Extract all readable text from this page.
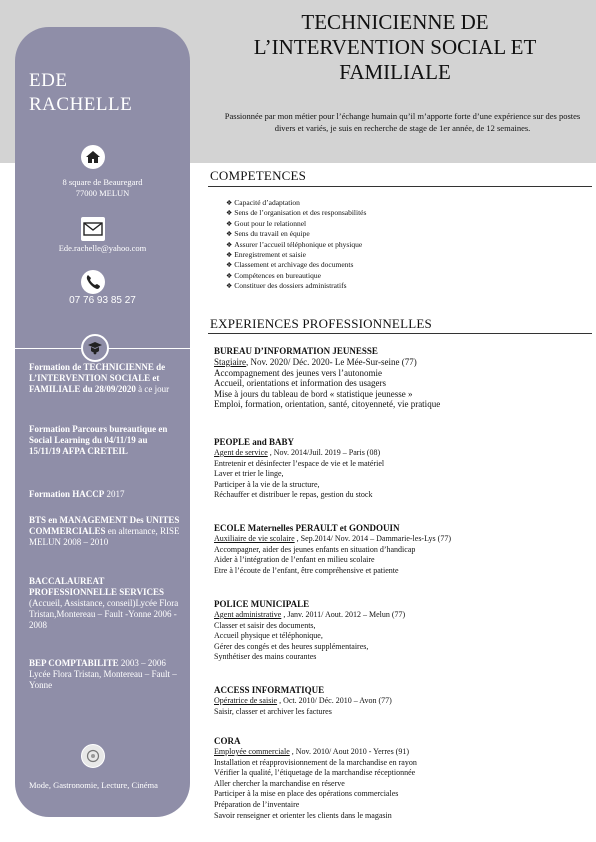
EDE
RACHELLE
8 square de Beauregard
77000 MELUN
Ede.rachelle@yahoo.com
07 76 93 85 27
Formation de TECHNICIENNE de L’INTERVENTION SOCIALE et FAMILIALE du 28/09/2020 à ce jour
Formation Parcours bureautique en Social Learning du 04/11/19 au 15/11/19 AFPA CRETEIL
Formation HACCP 2017
BTS en MANAGEMENT Des UNITES COMMERCIALES en alternance, RISE MELUN 2008 – 2010
BACCALAUREAT PROFESSIONNELLE SERVICES (Accueil, Assistance, conseil)Lycée Flora Tristan,Montereau – Fault -Yonne 2006 - 2008
BEP COMPTABILITE 2003 – 2006 Lycée Flora Tristan, Montereau – Fault – Yonne
Mode, Gastronomie, Lecture, Cinéma
TECHNICIENNE DE
L’INTERVENTION SOCIAL ET
FAMILIALE
Passionnée par mon métier pour l’échange humain qu’il m’apporte forte d’une expérience sur des postes divers et variés, je suis en recherche de stage de 1er année, de 12 semaines.
COMPETENCES
❖ Capacité d’adaptation
❖ Sens de l’organisation et des responsabilités
❖ Gout pour le relationnel
❖ Sens du travail en équipe
❖ Assurer l’accueil téléphonique et physique
❖ Enregistrement et saisie
❖ Classement et archivage des documents
❖ Compétences en bureautique
❖ Constituer des dossiers administratifs
EXPERIENCES PROFESSIONNELLES
BUREAU D’INFORMATION JEUNESSE
Stagiaire, Nov. 2020/ Déc. 2020- Le Mée-Sur-seine (77)
Accompagnement des jeunes vers l’autonomie
Accueil, orientations et information des usagers
Mise à jours du tableau de bord « statistique jeunesse »
Emploi, formation, orientation, santé, citoyenneté, vie pratique
PEOPLE and BABY
Agent de service , Nov. 2014/Juil. 2019 – Paris (08)
Entretenir et désinfecter l’espace de vie et le matériel
Laver et trier le linge,
Participer à la vie de la structure,
Réchauffer et distribuer le repas, gestion du stock
ECOLE Maternelles PERAULT et GONDOUIN
Auxiliaire de vie scolaire , Sep.2014/ Nov. 2014 – Dammarie-les-Lys (77)
Accompagner, aider des jeunes enfants en situation d’handicap
Aider à l’intégration de l’enfant en milieu scolaire
Etre à l’écoute de l’enfant, être compréhensive et patiente
POLICE MUNICIPALE
Agent administrative , Janv. 2011/ Aout. 2012 – Melun (77)
Classer et saisir des documents,
Accueil physique et téléphonique,
Gérer des congés et des heures supplémentaires,
Synthétiser des mains courantes
ACCESS INFORMATIQUE
Opératrice de saisie , Oct. 2010/ Déc. 2010 – Avon (77)
Saisir, classer et archiver les factures
CORA
Employée commerciale , Nov. 2010/ Aout 2010 - Yerres (91)
Installation et réapprovisionnement de la marchandise en rayon
Vérifier la qualité, l’étiquetage de la marchandise réceptionnée
Aller chercher la marchandise en réserve
Participer à la mise en place des opérations commerciales
Préparation de l’inventaire
Savoir renseigner et orienter les clients dans le magasin
